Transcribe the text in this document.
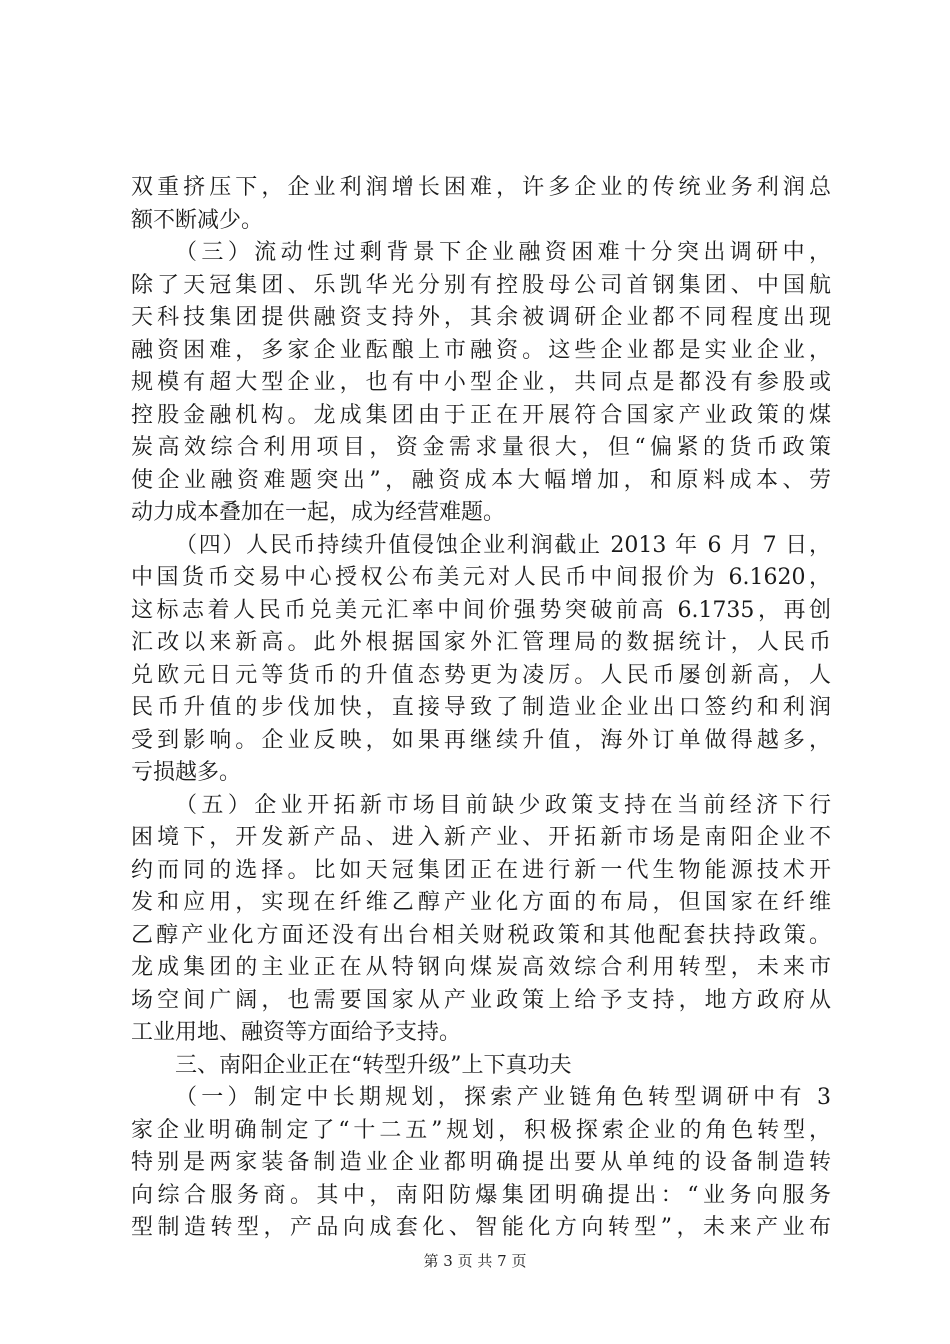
双重挤压下，企业利润增长困难，许多企业的传统业务利润总
额不断减少。
（三）流动性过剩背景下企业融资困难十分突出调研中，
除了天冠集团、乐凯华光分别有控股母公司首钢集团、中国航
天科技集团提供融资支持外，其余被调研企业都不同程度出现
融资困难，多家企业酝酿上市融资。这些企业都是实业企业，
规模有超大型企业，也有中小型企业，共同点是都没有参股或
控股金融机构。龙成集团由于正在开展符合国家产业政策的煤
炭高效综合利用项目，资金需求量很大，但“偏紧的货币政策
使企业融资难题突出”，融资成本大幅增加，和原料成本、劳
动力成本叠加在一起，成为经营难题。
（四）人民币持续升值侵蚀企业利润截止 2013 年 6 月 7 日，
中国货币交易中心授权公布美元对人民币中间报价为 6.1620，
这标志着人民币兑美元汇率中间价强势突破前高 6.1735，再创
汇改以来新高。此外根据国家外汇管理局的数据统计，人民币
兑欧元日元等货币的升值态势更为凌厉。人民币屡创新高，人
民币升值的步伐加快，直接导致了制造业企业出口签约和利润
受到影响。企业反映，如果再继续升值，海外订单做得越多，
亏损越多。
（五）企业开拓新市场目前缺少政策支持在当前经济下行
困境下，开发新产品、进入新产业、开拓新市场是南阳企业不
约而同的选择。比如天冠集团正在进行新一代生物能源技术开
发和应用，实现在纤维乙醇产业化方面的布局，但国家在纤维
乙醇产业化方面还没有出台相关财税政策和其他配套扶持政策。
龙成集团的主业正在从特钢向煤炭高效综合利用转型，未来市
场空间广阔，也需要国家从产业政策上给予支持，地方政府从
工业用地、融资等方面给予支持。
三、南阳企业正在“转型升级”上下真功夫
（一）制定中长期规划，探索产业链角色转型调研中有 3
家企业明确制定了“十二五”规划，积极探索企业的角色转型，
特别是两家装备制造业企业都明确提出要从单纯的设备制造转
向综合服务商。其中，南阳防爆集团明确提出：“业务向服务
型制造转型，产品向成套化、智能化方向转型”，未来产业布
第 3 页 共 7 页
